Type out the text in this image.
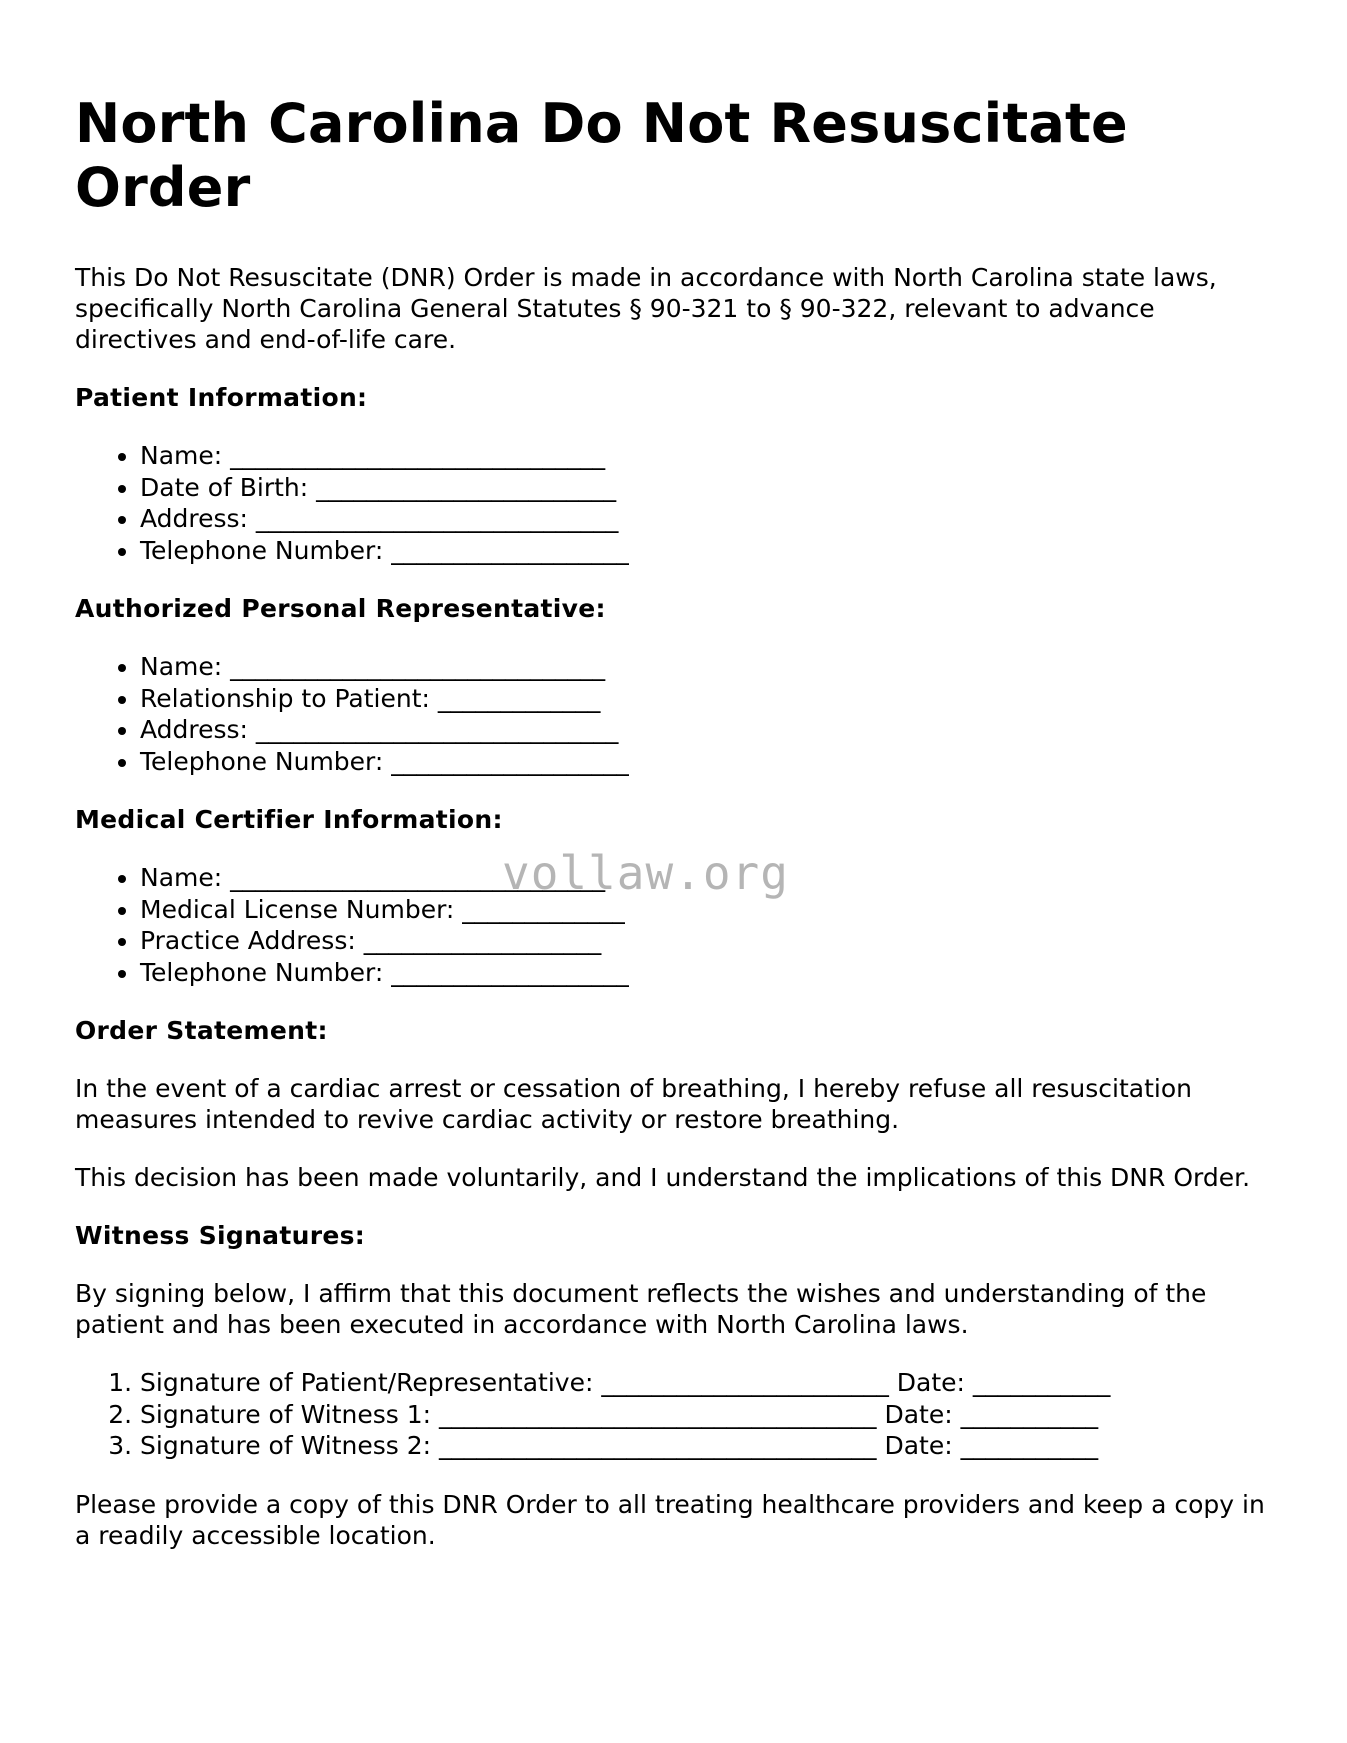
North Carolina Do Not Resuscitate Order

This Do Not Resuscitate (DNR) Order is made in accordance with North Carolina state laws, specifically North Carolina General Statutes § 90-321 to § 90-322, relevant to advance directives and end-of-life care.

Patient Information:
• Name: ______________________________
• Date of Birth: ________________________
• Address: _____________________________
• Telephone Number: ___________________
Authorized Personal Representative:
• Name: ______________________________
• Relationship to Patient: _____________
• Address: _____________________________
• Telephone Number: ___________________
Medical Certifier Information:
• Name: ______________________________
• Medical License Number: _____________
• Practice Address: ___________________
• Telephone Number: ___________________
Order Statement:

In the event of a cardiac arrest or cessation of breathing, I hereby refuse all resuscitation measures intended to revive cardiac activity or restore breathing.

This decision has been made voluntarily, and I understand the implications of this DNR Order.

Witness Signatures:

By signing below, I affirm that this document reflects the wishes and understanding of the patient and has been executed in accordance with North Carolina laws.

1. Signature of Patient/Representative: _______________________ Date: ___________
2. Signature of Witness 1: ___________________________________ Date: ___________
3. Signature of Witness 2: ___________________________________ Date: ___________

Please provide a copy of this DNR Order to all treating healthcare providers and keep a copy in a readily accessible location.

vollaw.org
